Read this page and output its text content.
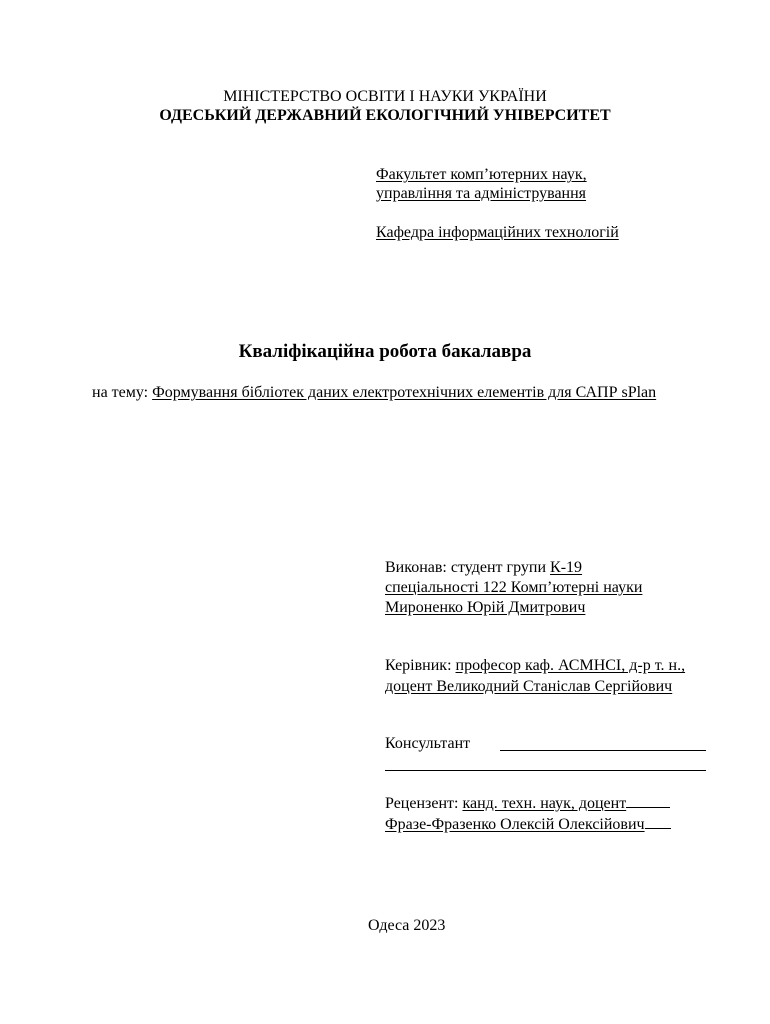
МІНІСТЕРСТВО ОСВІТИ І НАУКИ УКРАЇНИ
ОДЕСЬКИЙ ДЕРЖАВНИЙ ЕКОЛОГІЧНИЙ УНІВЕРСИТЕТ
Факультет комп’ютерних наук,
управління та адміністрування
Кафедра інформаційних технологій
Кваліфікаційна робота бакалавра
на тему: Формування бібліотек даних електротехнічних елементів для САПР sPlan
Виконав: студент групи К-19
спеціальності 122 Комп’ютерні науки
Мироненко Юрій Дмитрович
Керівник: професор каф. АСМНСІ, д-р т. н.,
доцент Великодний Станіслав Сергійович
Консультант
Рецензент: канд. техн. наук, доцент
Фразе-Фразенко Олексій Олексійович
Одеса 2023
